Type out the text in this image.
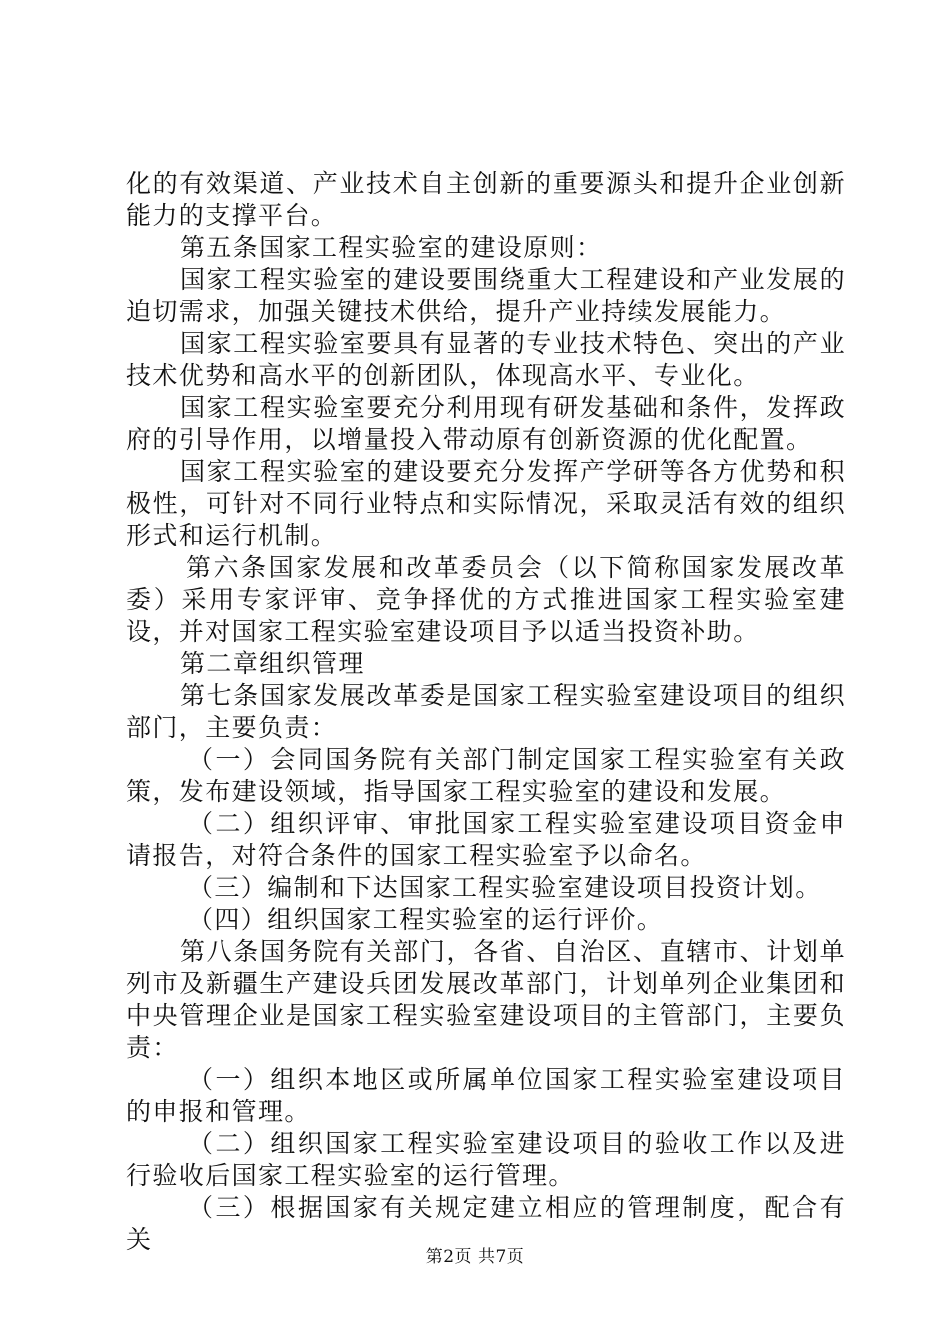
化的有效渠道、产业技术自主创新的重要源头和提升企业创新能力的支撑平台。

第五条国家工程实验室的建设原则：

国家工程实验室的建设要围绕重大工程建设和产业发展的迫切需求，加强关键技术供给，提升产业持续发展能力。

国家工程实验室要具有显著的专业技术特色、突出的产业技术优势和高水平的创新团队，体现高水平、专业化。

国家工程实验室要充分利用现有研发基础和条件，发挥政府的引导作用，以增量投入带动原有创新资源的优化配置。

国家工程实验室的建设要充分发挥产学研等各方优势和积极性，可针对不同行业特点和实际情况，采取灵活有效的组织形式和运行机制。

第六条国家发展和改革委员会（以下简称国家发展改革委）采用专家评审、竞争择优的方式推进国家工程实验室建设，并对国家工程实验室建设项目予以适当投资补助。

第二章组织管理

第七条国家发展改革委是国家工程实验室建设项目的组织部门，主要负责：

（一）会同国务院有关部门制定国家工程实验室有关政策，发布建设领域，指导国家工程实验室的建设和发展。

（二）组织评审、审批国家工程实验室建设项目资金申请报告，对符合条件的国家工程实验室予以命名。

（三）编制和下达国家工程实验室建设项目投资计划。

（四）组织国家工程实验室的运行评价。

第八条国务院有关部门，各省、自治区、直辖市、计划单列市及新疆生产建设兵团发展改革部门，计划单列企业集团和中央管理企业是国家工程实验室建设项目的主管部门，主要负责：

（一）组织本地区或所属单位国家工程实验室建设项目的申报和管理。

（二）组织国家工程实验室建设项目的验收工作以及进行验收后国家工程实验室的运行管理。

（三）根据国家有关规定建立相应的管理制度，配合有关

第2页 共7页
